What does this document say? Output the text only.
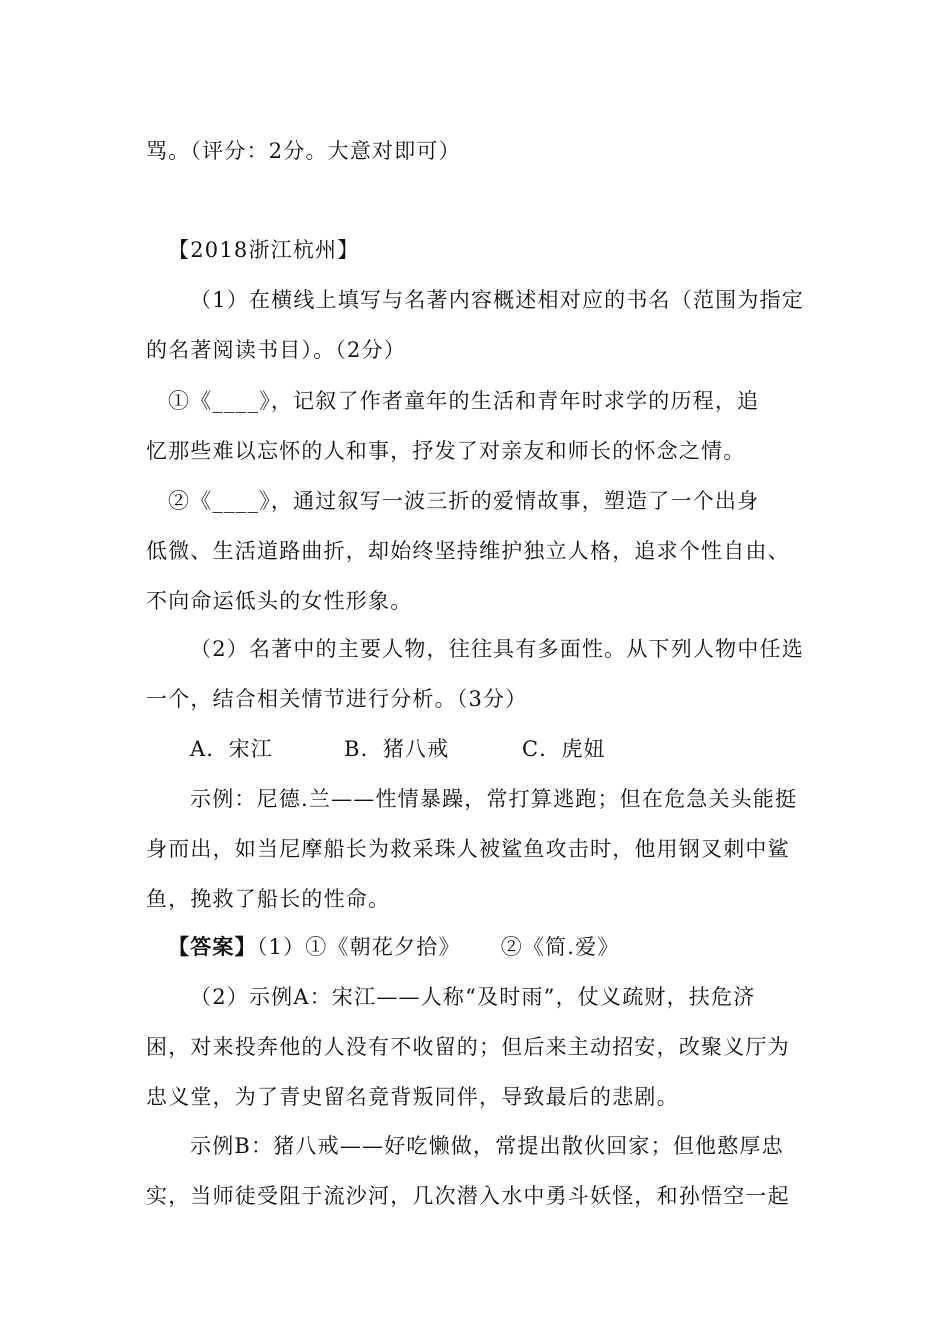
骂。（评分：2分。大意对即可）
【2018浙江杭州】
（1）在横线上填写与名著内容概述相对应的书名（范围为指定
的名著阅读书目）。（2分）
①《____》，记叙了作者童年的生活和青年时求学的历程，追
忆那些难以忘怀的人和事，抒发了对亲友和师长的怀念之情。
②《____》，通过叙写一波三折的爱情故事，塑造了一个出身
低微、生活道路曲折，却始终坚持维护独立人格，追求个性自由、
不向命运低头的女性形象。
（2）名著中的主要人物，往往具有多面性。从下列人物中任选
一个，结合相关情节进行分析。（3分）
A．宋江	B．猪八戒	C．虎妞
示例：尼德.兰——性情暴躁，常打算逃跑；但在危急关头能挺
身而出，如当尼摩船长为救采珠人被鲨鱼攻击时，他用钢叉刺中鲨
鱼，挽救了船长的性命。
【答案】（1）①《朝花夕拾》 ②《简.爱》
（2）示例A：宋江——人称“及时雨”，仗义疏财，扶危济
困，对来投奔他的人没有不收留的；但后来主动招安，改聚义厅为
忠义堂，为了青史留名竟背叛同伴，导致最后的悲剧。
示例B：猪八戒——好吃懒做，常提出散伙回家；但他憨厚忠
实，当师徒受阻于流沙河，几次潜入水中勇斗妖怪，和孙悟空一起
